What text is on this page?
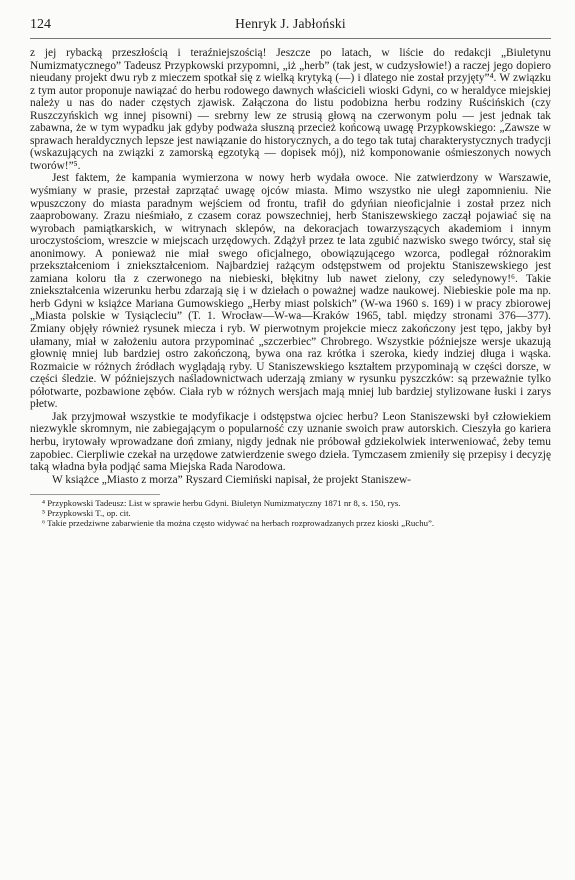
124	Henryk J. Jabłoński

z jej rybacką przeszłością i teraźniejszością! Jeszcze po latach, w liście do redakcji „Biuletynu Numizmatycznego” Tadeusz Przypkowski przypomni, „iż „herb” (tak jest, w cudzysłowie!) a raczej jego dopiero nieudany projekt dwu ryb z mieczem spotkał się z wielką krytyką (—) i dlatego nie został przyjęty”⁴. W związku z tym autor proponuje nawiązać do herbu rodowego dawnych właścicieli wioski Gdyni, co w heraldyce miejskiej należy u nas do nader częstych zjawisk. Załączona do listu podobizna herbu rodziny Ruścińskich (czy Ruszczyńskich wg innej pisowni) — srebrny lew ze strusią głową na czerwonym polu — jest jednak tak zabawna, że w tym wypadku jak gdyby podważa słuszną przecież końcową uwagę Przypkowskiego: „Zawsze w sprawach heraldycznych lepsze jest nawiązanie do historycznych, a do tego tak tutaj charakterystycznych tradycji (wskazujących na związki z zamorską egzotyką — dopisek mój), niż komponowanie ośmieszonych nowych tworów!”⁵.

Jest faktem, że kampania wymierzona w nowy herb wydała owoce. Nie zatwierdzony w Warszawie, wyśmiany w prasie, przestał zaprzątać uwagę ojców miasta. Mimo wszystko nie uległ zapomnieniu. Nie wpuszczony do miasta paradnym wejściem od frontu, trafił do gdyńian nieoficjalnie i został przez nich zaaprobowany. Zrazu nieśmiało, z czasem coraz powszechniej, herb Staniszewskiego zaczął pojawiać się na wyrobach pamiątkarskich, w witrynach sklepów, na dekoracjach towarzyszących akademiom i innym uroczystościom, wreszcie w miejscach urzędowych. Zdążył przez te lata zgubić nazwisko swego twórcy, stał się anonimowy. A ponieważ nie miał swego oficjalnego, obowiązującego wzorca, podlegał różnorakim przekształceniom i zniekształceniom. Najbardziej rażącym odstępstwem od projektu Staniszewskiego jest zamiana koloru tła z czerwonego na niebieski, błękitny lub nawet zielony, czy seledynowy!⁶. Takie zniekształcenia wizerunku herbu zdarzają się i w dziełach o poważnej wadze naukowej. Niebieskie pole ma np. herb Gdyni w książce Mariana Gumowskiego „Herby miast polskich” (W-wa 1960 s. 169) i w pracy zbiorowej „Miasta polskie w Tysiącleciu” (T. 1. Wrocław—W-wa—Kraków 1965, tabl. między stronami 376—377). Zmiany objęły również rysunek miecza i ryb. W pierwotnym projekcie miecz zakończony jest tępo, jakby był ułamany, miał w założeniu autora przypominać „szczerbiec” Chrobrego. Wszystkie późniejsze wersje ukazują głownię mniej lub bardziej ostro zakończoną, bywa ona raz krótka i szeroka, kiedy indziej długa i wąska. Rozmaicie w różnych źródłach wyglądają ryby. U Staniszewskiego kształtem przypominają w części dorsze, w części śledzie. W późniejszych naśladownictwach uderzają zmiany w rysunku pyszczków: są przeważnie tylko półotwarte, pozbawione zębów. Ciała ryb w różnych wersjach mają mniej lub bardziej stylizowane łuski i zarys płetw.

Jak przyjmował wszystkie te modyfikacje i odstępstwa ojciec herbu? Leon Staniszewski był człowiekiem niezwykle skromnym, nie zabiegającym o popularność czy uznanie swoich praw autorskich. Cieszyła go kariera herbu, irytowały wprowadzane doń zmiany, nigdy jednak nie próbował gdziekolwiek interweniować, żeby temu zapobiec. Cierpliwie czekał na urzędowe zatwierdzenie swego dzieła. Tymczasem zmieniły się przepisy i decyzję taką władna była podjąć sama Miejska Rada Narodowa.

W książce „Miasto z morza” Ryszard Ciemiński napisał, że projekt Staniszew-

⁴ Przypkowski Tadeusz: List w sprawie herbu Gdyni. Biuletyn Numizmatyczny 1871 nr 8, s. 150, rys.

⁵ Przypkowski T., op. cit.

⁶ Takie przedziwne zabarwienie tła można często widywać na herbach rozprowadzanych przez kioski „Ruchu”.
